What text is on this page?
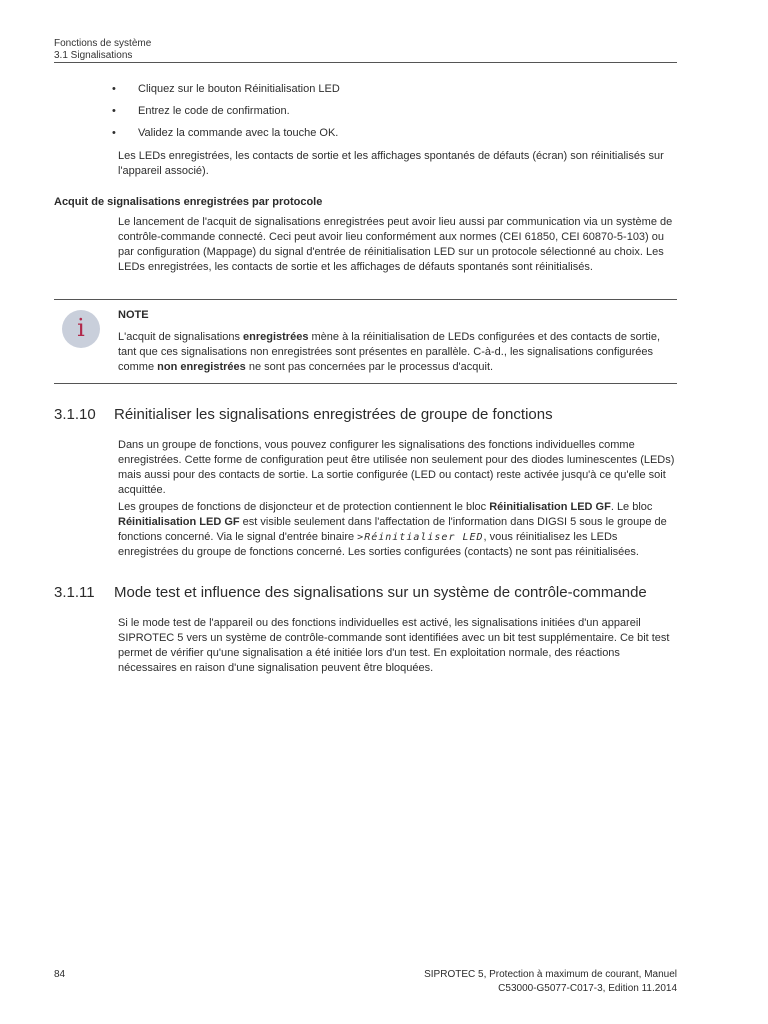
Fonctions de système
3.1 Signalisations
• Cliquez sur le bouton Réinitialisation LED
• Entrez le code de confirmation.
• Validez la commande avec la touche OK.

Les LEDs enregistrées, les contacts de sortie et les affichages spontanés de défauts (écran) son réinitialisés sur l'appareil associé).

Acquit de signalisations enregistrées par protocole

Le lancement de l'acquit de signalisations enregistrées peut avoir lieu aussi par communication via un système de contrôle-commande connecté. Ceci peut avoir lieu conformément aux normes (CEI 61850, CEI 60870-5-103) ou par configuration (Mappage) du signal d'entrée de réinitialisation LED sur un protocole sélectionné au choix. Les LEDs enregistrées, les contacts de sortie et les affichages de défauts spontanés sont réinitialisés.

i	NOTE
L'acquit de signalisations enregistrées mène à la réinitialisation de LEDs configurées et des contacts de sortie, tant que ces signalisations non enregistrées sont présentes en parallèle. C-à-d., les signalisations configurées comme non enregistrées ne sont pas concernées par le processus d'acquit.
3.1.10 Réinitialiser les signalisations enregistrées de groupe de fonctions

Dans un groupe de fonctions, vous pouvez configurer les signalisations des fonctions individuelles comme enregistrées. Cette forme de configuration peut être utilisée non seulement pour des diodes luminescentes (LEDs) mais aussi pour des contacts de sortie. La sortie configurée (LED ou contact) reste activée jusqu'à ce qu'elle soit acquittée.

Les groupes de fonctions de disjoncteur et de protection contiennent le bloc Réinitialisation LED GF. Le bloc Réinitialisation LED GF est visible seulement dans l'affectation de l'information dans DIGSI 5 sous le groupe de fonctions concerné. Via le signal d'entrée binaire >Réinitialiser LED, vous réinitialisez les LEDs enregistrées du groupe de fonctions concerné. Les sorties configurées (contacts) ne sont pas réinitialisées.

3.1.11 Mode test et influence des signalisations sur un système de contrôle-commande

Si le mode test de l'appareil ou des fonctions individuelles est activé, les signalisations initiées d'un appareil SIPROTEC 5 vers un système de contrôle-commande sont identifiées avec un bit test supplémentaire. Ce bit test permet de vérifier qu'une signalisation a été initiée lors d'un test. En exploitation normale, des réactions nécessaires en raison d'une signalisation peuvent être bloquées.

84	SIPROTEC 5, Protection à maximum de courant, Manuel
C53000-G5077-C017-3, Edition 11.2014
